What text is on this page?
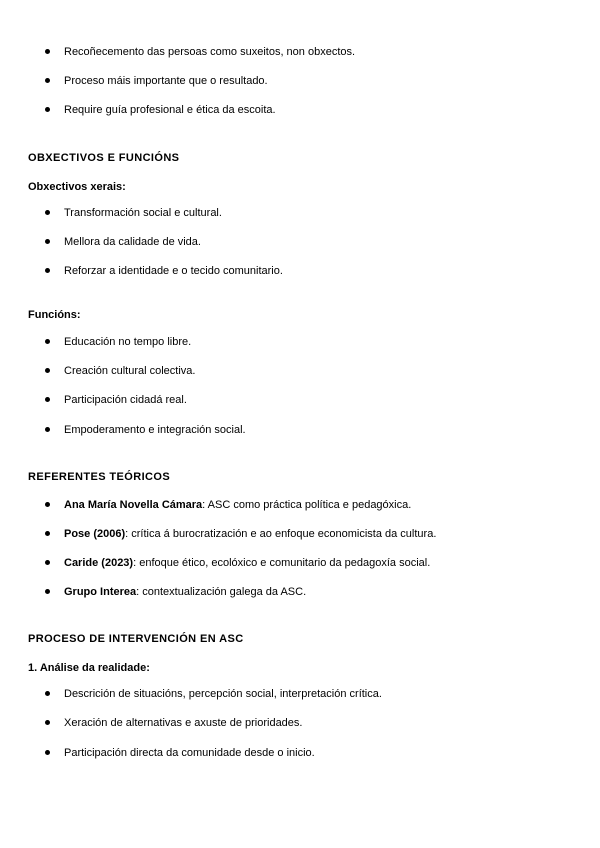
Recoñecemento das persoas como suxeitos, non obxectos.
Proceso máis importante que o resultado.
Require guía profesional e ética da escoita.
OBXECTIVOS E FUNCIÓNS
Obxectivos xerais:
Transformación social e cultural.
Mellora da calidade de vida.
Reforzar a identidade e o tecido comunitario.
Funcións:
Educación no tempo libre.
Creación cultural colectiva.
Participación cidadá real.
Empoderamento e integración social.
REFERENTES TEÓRICOS
Ana María Novella Cámara: ASC como práctica política e pedagóxica.
Pose (2006): crítica á burocratización e ao enfoque economicista da cultura.
Caride (2023): enfoque ético, ecolóxico e comunitario da pedagoxía social.
Grupo Interea: contextualización galega da ASC.
PROCESO DE INTERVENCIÓN EN ASC
1. Análise da realidade:
Descrición de situacións, percepción social, interpretación crítica.
Xeración de alternativas e axuste de prioridades.
Participación directa da comunidade desde o inicio.
